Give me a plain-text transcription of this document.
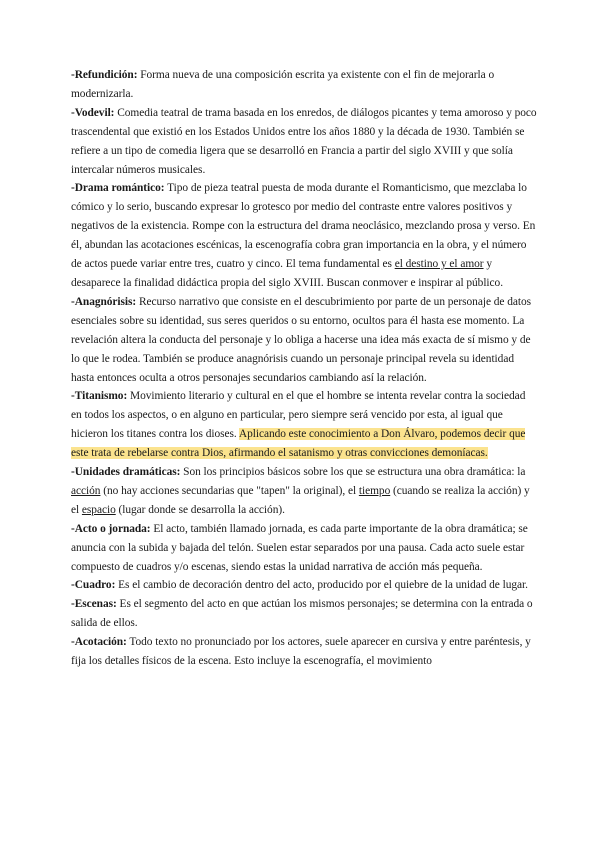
-Refundición: Forma nueva de una composición escrita ya existente con el fin de mejorarla o modernizarla.

-Vodevil: Comedia teatral de trama basada en los enredos, de diálogos picantes y tema amoroso y poco trascendental que existió en los Estados Unidos entre los años 1880 y la década de 1930. También se refiere a un tipo de comedia ligera que se desarrolló en Francia a partir del siglo XVIII y que solía intercalar números musicales.

-Drama romántico: Tipo de pieza teatral puesta de moda durante el Romanticismo, que mezclaba lo cómico y lo serio, buscando expresar lo grotesco por medio del contraste entre valores positivos y negativos de la existencia. Rompe con la estructura del drama neoclásico, mezclando prosa y verso. En él, abundan las acotaciones escénicas, la escenografía cobra gran importancia en la obra, y el número de actos puede variar entre tres, cuatro y cinco. El tema fundamental es el destino y el amor y desaparece la finalidad didáctica propia del siglo XVIII. Buscan conmover e inspirar al público.

-Anagnórisis: Recurso narrativo que consiste en el descubrimiento por parte de un personaje de datos esenciales sobre su identidad, sus seres queridos o su entorno, ocultos para él hasta ese momento. La revelación altera la conducta del personaje y lo obliga a hacerse una idea más exacta de sí mismo y de lo que le rodea. También se produce anagnórisis cuando un personaje principal revela su identidad hasta entonces oculta a otros personajes secundarios cambiando así la relación.

-Titanismo: Movimiento literario y cultural en el que el hombre se intenta revelar contra la sociedad en todos los aspectos, o en alguno en particular, pero siempre será vencido por esta, al igual que hicieron los titanes contra los dioses. Aplicando este conocimiento a Don Álvaro, podemos decir que este trata de rebelarse contra Dios, afirmando el satanismo y otras convicciones demoníacas.

-Unidades dramáticas: Son los principios básicos sobre los que se estructura una obra dramática: la acción (no hay acciones secundarias que "tapen" la original), el tiempo (cuando se realiza la acción) y el espacio (lugar donde se desarrolla la acción).

-Acto o jornada: El acto, también llamado jornada, es cada parte importante de la obra dramática; se anuncia con la subida y bajada del telón. Suelen estar separados por una pausa. Cada acto suele estar compuesto de cuadros y/o escenas, siendo estas la unidad narrativa de acción más pequeña.

-Cuadro: Es el cambio de decoración dentro del acto, producido por el quiebre de la unidad de lugar.

-Escenas: Es el segmento del acto en que actúan los mismos personajes; se determina con la entrada o salida de ellos.

-Acotación: Todo texto no pronunciado por los actores, suele aparecer en cursiva y entre paréntesis, y fija los detalles físicos de la escena. Esto incluye la escenografía, el movimiento
